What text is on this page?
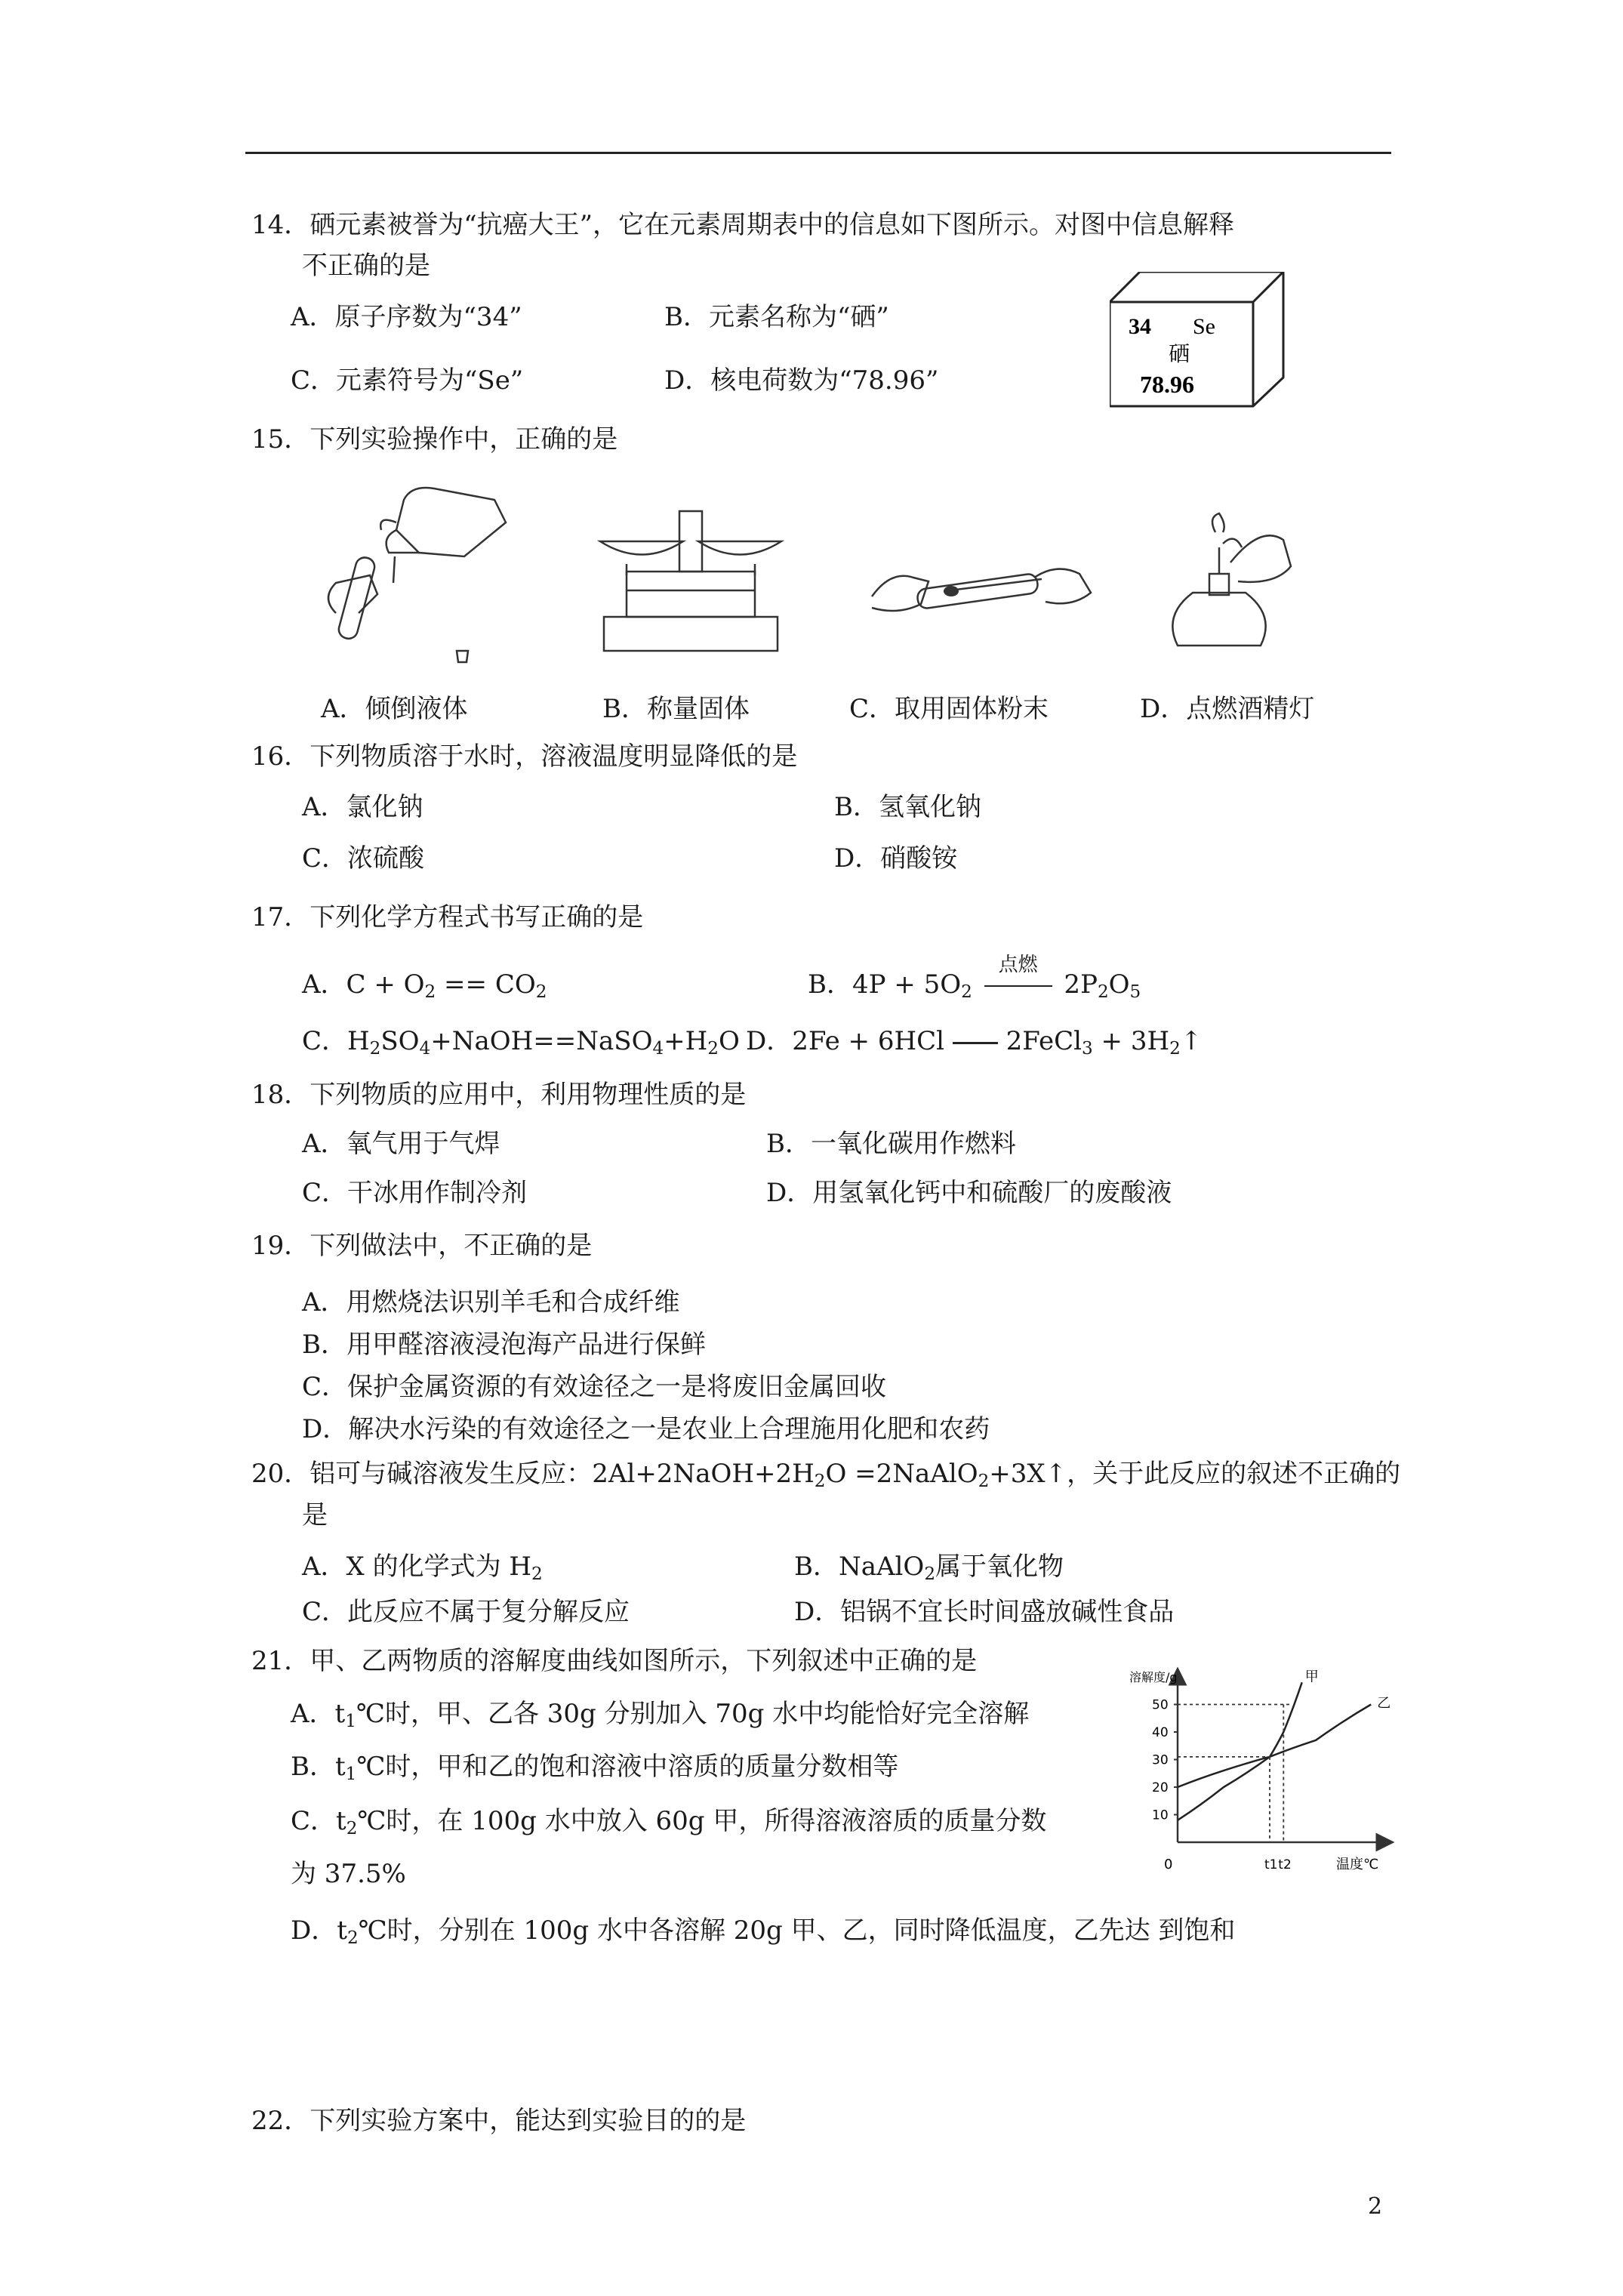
14．硒元素被誉为“抗癌大王”，它在元素周期表中的信息如下图所示。对图中信息解释
不正确的是
A．原子序数为“34”	B．元素名称为“硒”
C．元素符号为“Se”	D．核电荷数为“78.96”
34 Se
硒
78.96
15．下列实验操作中，正确的是
A．倾倒液体	B．称量固体	C．取用固体粉末	D．点燃酒精灯
16．下列物质溶于水时，溶液温度明显降低的是
A．氯化钠	B．氢氧化钠
C．浓硫酸	D．硝酸铵
17．下列化学方程式书写正确的是
A．$C + O_2 == CO_2$	B．$4P + 5O_2$
点燃
$2P_2O_5$
C．$H_2SO_4+NaOH==NaSO_4+H_2O$ D．2Fe + 6HCl  2FeCl$_3$ + $3H_2↑$
18．下列物质的应用中，利用物理性质的是
A．氧气用于气焊	B．一氧化碳用作燃料
C．干冰用作制冷剂	D．用氢氧化钙中和硫酸厂的废酸液
19．下列做法中，不正确的是
A．用燃烧法识别羊毛和合成纤维
B．用甲醛溶液浸泡海产品进行保鲜
C．保护金属资源的有效途径之一是将废旧金属回收
D．解决水污染的有效途径之一是农业上合理施用化肥和农药
20．铝可与碱溶液发生反应：$2Al+2NaOH+2H_2O$ =2NaAlO$_2$+3X↑，关于此反应的叙述不正确的
是
A．X 的化学式为 $H_2$	B．NaAlO$_2$属于氧化物
C．此反应不属于复分解反应	D．铝锅不宜长时间盛放碱性食品
21．甲、乙两物质的溶解度曲线如图所示，下列叙述中正确的是
A．$t_1℃$时，甲、乙各 30g 分别加入 70g 水中均能恰好完全溶解
B．$t_1℃$时，甲和乙的饱和溶液中溶质的质量分数相等
C．$t_2℃$时，在 100g 水中放入 60g 甲，所得溶液溶质的质量分数
为 37.5%
D．$t_2℃$时，分别在 100g 水中各溶解 20g 甲、乙，同时降低温度，乙先达 到饱和
溶解度/g
温度℃
0
10
20
30
40
50
t1 t2
甲
乙
22．下列实验方案中，能达到实验目的的是
2
